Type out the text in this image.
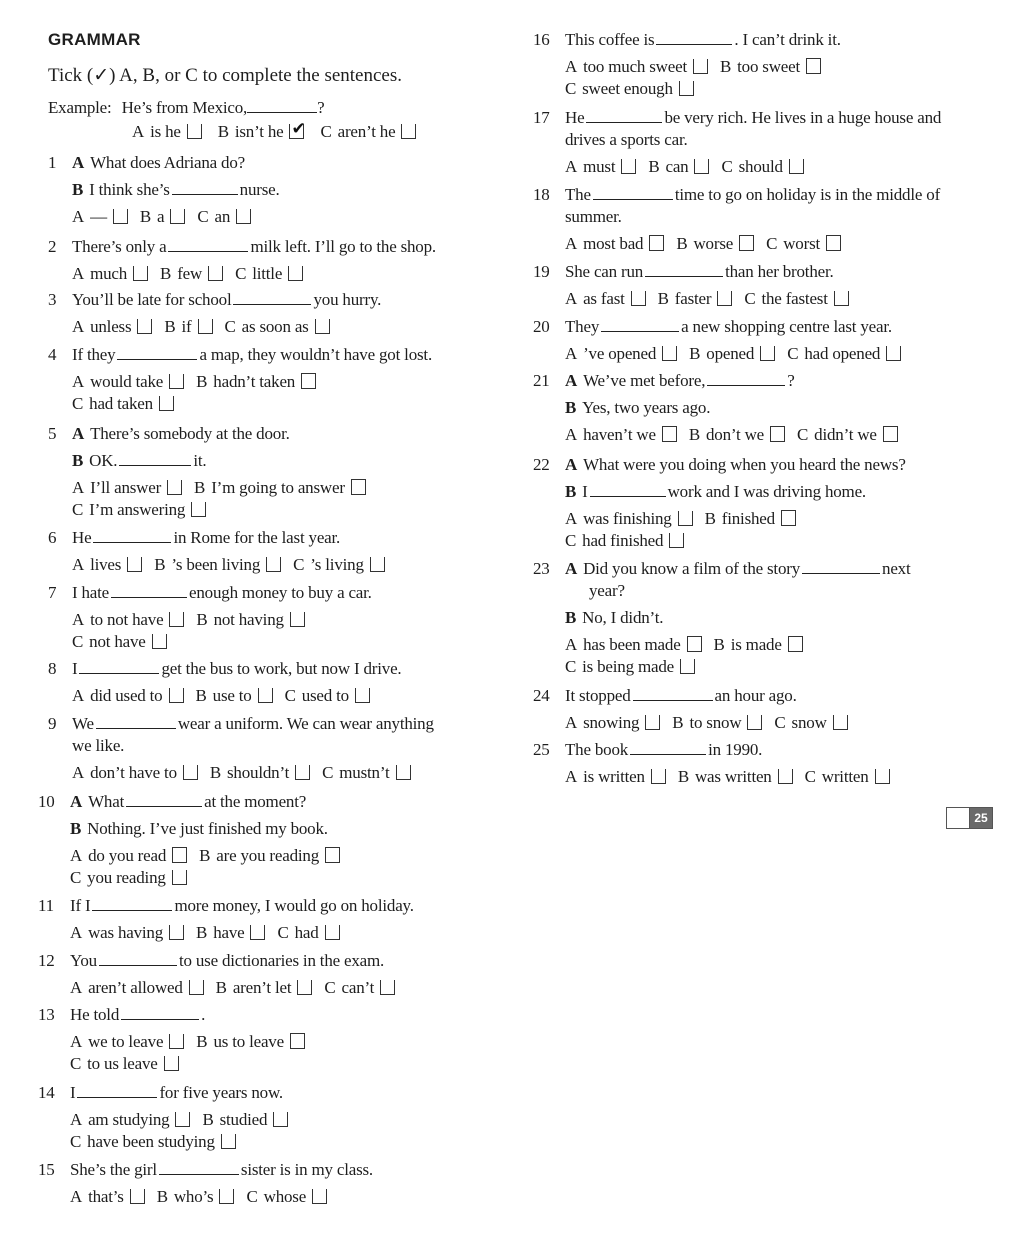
GRAMMAR
Tick (✓) A, B, or C to complete the sentences.
Example: He’s from Mexico,	?
A is he B isn’t he✔ C aren’t he
1 A What does Adriana do?
B I think she’s	nurse.
A — B a C an
2 There’s only a	milk left. I’ll go to the shop.
A much B few C little
3 You’ll be late for school	you hurry.
A unless B if C as soon as
4 If they	a map, they wouldn’t have got lost.
A would take B hadn’t taken
C had taken
5 A There’s somebody at the door.
B OK.	it.
A I’ll answer B I’m going to answer
C I’m answering
6 He	in Rome for the last year.
A lives B ’s been living C ’s living
7 I hate	enough money to buy a car.
A to not have B not having
C not have
8 I	get the bus to work, but now I drive.
A did used to B use to C used to
9 We	wear a uniform. We can wear anything
we like.
A don’t have to B shouldn’t C mustn’t
10 A What	at the moment?
B Nothing. I’ve just finished my book.
A do you read B are you reading
C you reading
11 If I	more money, I would go on holiday.
A was having B have C had
12 You	to use dictionaries in the exam.
A aren’t allowed B aren’t let C can’t
13 He told	.
A we to leave B us to leave
C to us leave
14 I	for five years now.
A am studying B studied
C have been studying
15 She’s the girl	sister is in my class.
A that’s B who’s C whose
16 This coffee is	. I can’t drink it.
A too much sweet B too sweet
C sweet enough
17 He	be very rich. He lives in a huge house and
drives a sports car.
A must B can C should
18 The	time to go on holiday is in the middle of
summer.
A most bad B worse C worst
19 She can run	than her brother.
A as fast B faster C the fastest
20 They	a new shopping centre last year.
A ’ve opened B opened C had opened
21 A We’ve met before,	?
B Yes, two years ago.
A haven’t we B don’t we C didn’t we
22 A What were you doing when you heard the news?
B I	work and I was driving home.
A was finishing B finished
C had finished
23 A Did you know a film of the story	next
year?
B No, I didn’t.
A has been made B is made
C is being made
24 It stopped	an hour ago.
A snowing B to snow C snow
25 The book	in 1990.
A is written B was written C written
25
